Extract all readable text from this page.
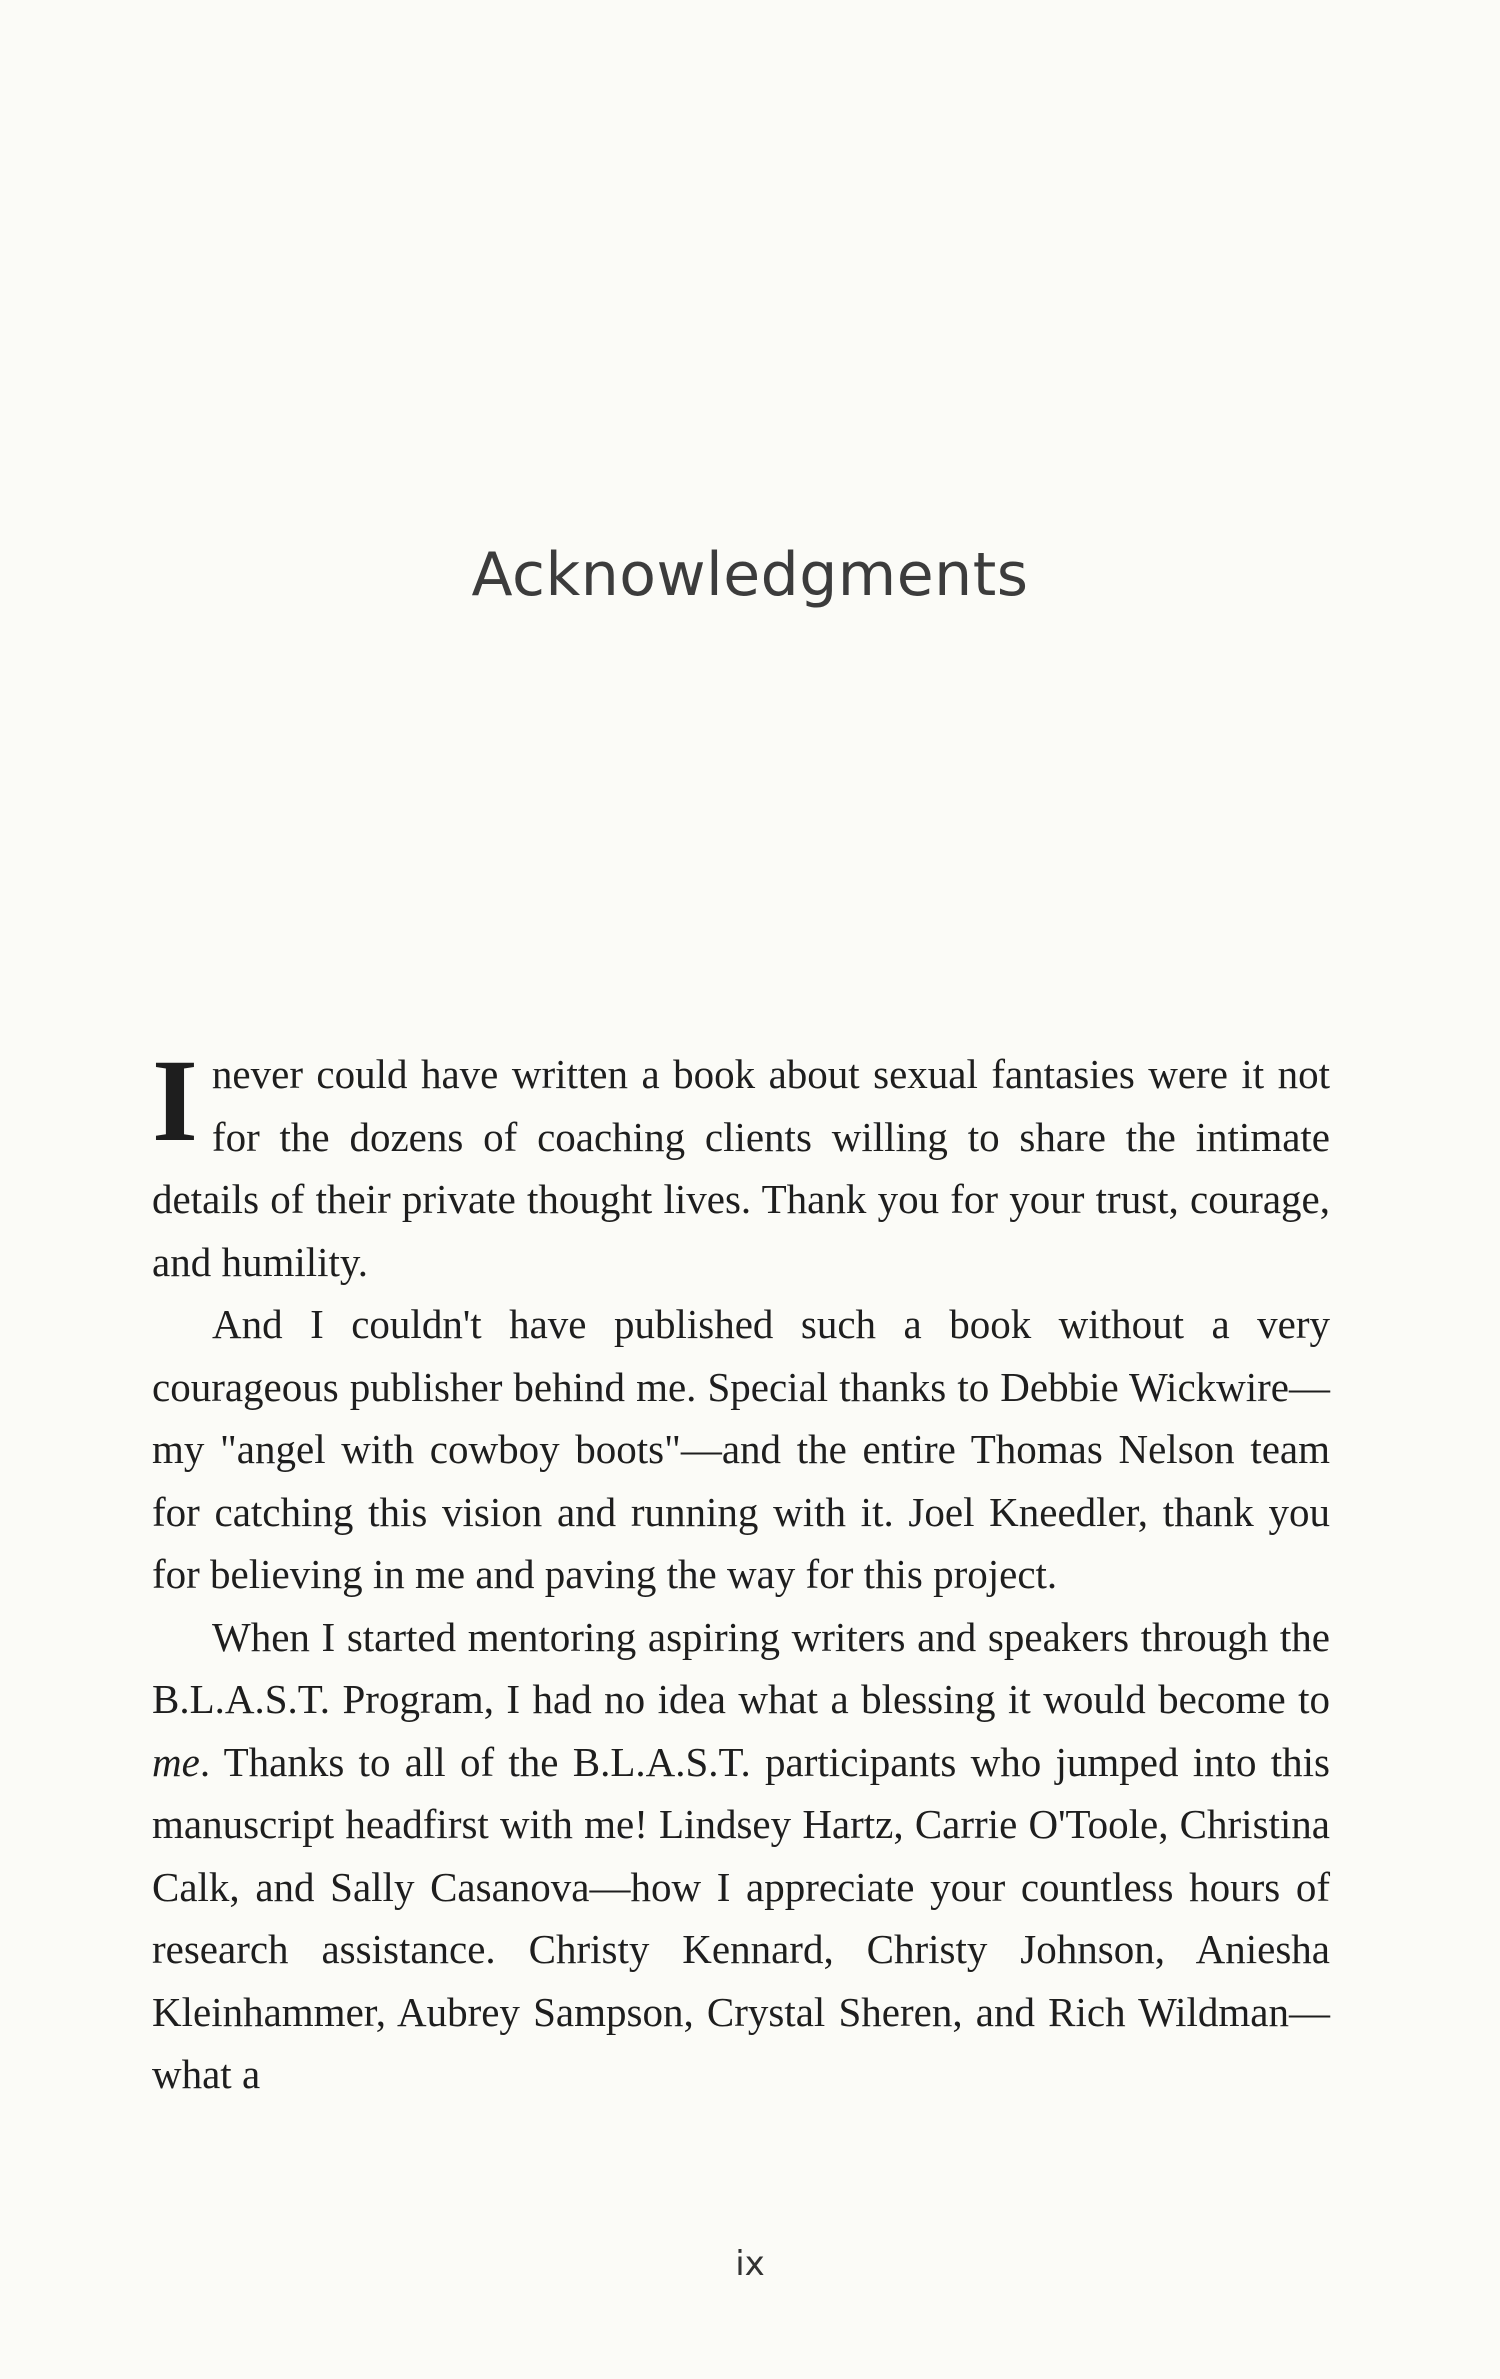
Acknowledgments

I never could have written a book about sexual fantasies were it not for the dozens of coaching clients willing to share the intimate details of their private thought lives. Thank you for your trust, courage, and humility.

And I couldn't have published such a book without a very courageous publisher behind me. Special thanks to Debbie Wickwire—my "angel with cowboy boots"—and the entire Thomas Nelson team for catching this vision and running with it. Joel Kneedler, thank you for believing in me and paving the way for this project.

When I started mentoring aspiring writers and speakers through the B.L.A.S.T. Program, I had no idea what a blessing it would become to me. Thanks to all of the B.L.A.S.T. participants who jumped into this manuscript headfirst with me! Lindsey Hartz, Carrie O'Toole, Christina Calk, and Sally Casanova—how I appreciate your countless hours of research assistance. Christy Kennard, Christy Johnson, Aniesha Kleinhammer, Aubrey Sampson, Crystal Sheren, and Rich Wildman—what a

ix
